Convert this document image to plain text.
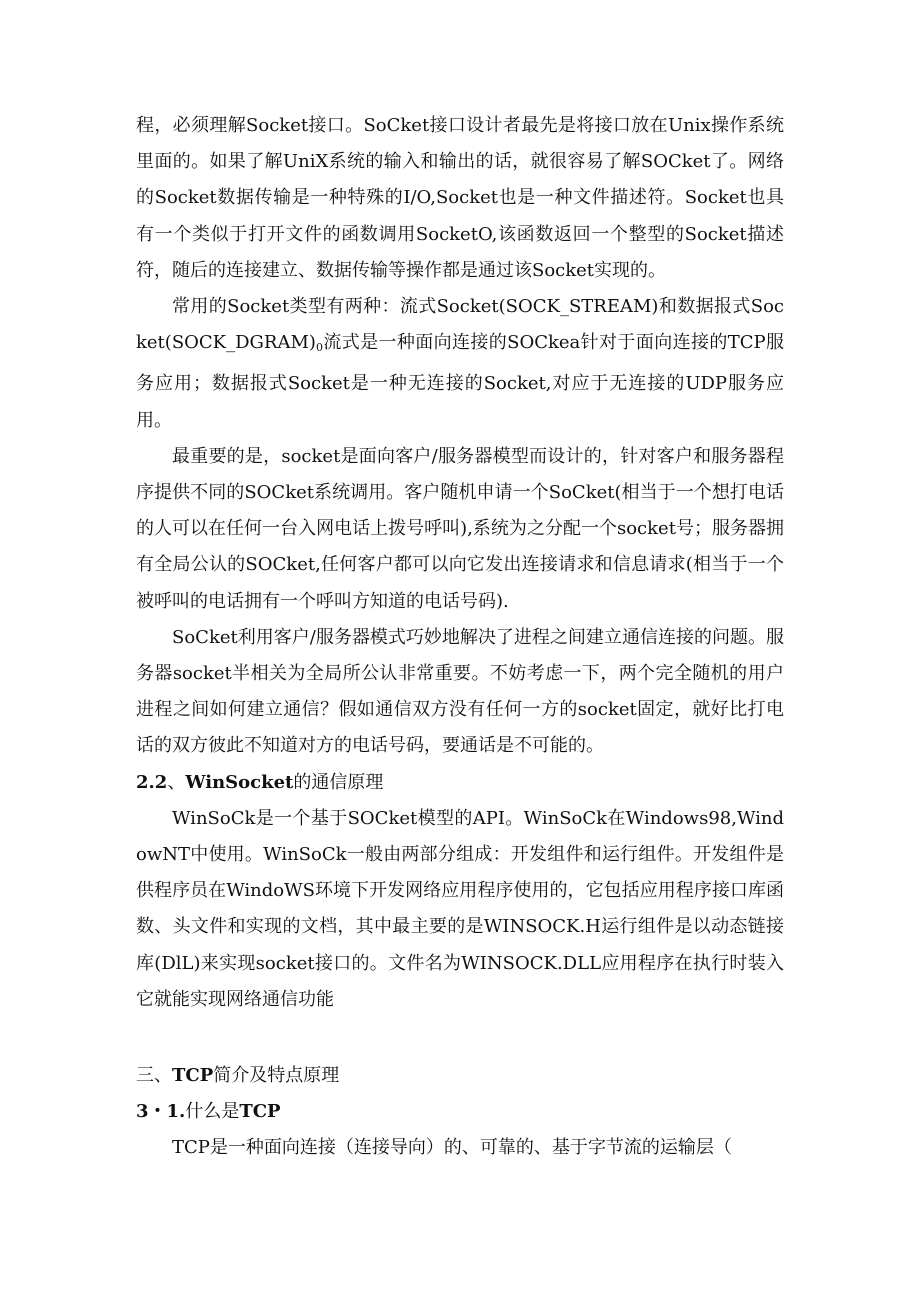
程，必须理解Socket接口。SoCket接口设计者最先是将接口放在Unix操作系统里面的。如果了解UniX系统的输入和输出的话，就很容易了解SOCket了。网络的Socket数据传输是一种特殊的I/O,Socket也是一种文件描述符。Socket也具有一个类似于打开文件的函数调用SocketO,该函数返回一个整型的Socket描述符，随后的连接建立、数据传输等操作都是通过该Socket实现的。

常用的Socket类型有两种：流式Socket(SOCK_STREAM)和数据报式$Socket(SOCK\_DGRAM)_0$流式是一种面向连接的SOCkea针对于面向连接的TCP服务应用；数据报式Socket是一种无连接的Socket,对应于无连接的UDP服务应用。

最重要的是，socket是面向客户/服务器模型而设计的，针对客户和服务器程序提供不同的SOCket系统调用。客户随机申请一个SoCket(相当于一个想打电话的人可以在任何一台入网电话上拨号呼叫),系统为之分配一个socket号；服务器拥有全局公认的SOCket,任何客户都可以向它发出连接请求和信息请求(相当于一个被呼叫的电话拥有一个呼叫方知道的电话号码).

SoCket利用客户/服务器模式巧妙地解决了进程之间建立通信连接的问题。服务器socket半相关为全局所公认非常重要。不妨考虑一下，两个完全随机的用户进程之间如何建立通信？假如通信双方没有任何一方的socket固定，就好比打电话的双方彼此不知道对方的电话号码，要通话是不可能的。

2.2、WinSocket的通信原理

WinSoCk是一个基于SOCket模型的API。WinSoCk在Windows98,WindowNT中使用。WinSoCk一般由两部分组成：开发组件和运行组件。开发组件是供程序员在WindoWS环境下开发网络应用程序使用的，它包括应用程序接口库函数、头文件和实现的文档，其中最主要的是WINSOCK.H运行组件是以动态链接库(DlL)来实现socket接口的。文件名为WINSOCK.DLL应用程序在执行时装入它就能实现网络通信功能

三、TCP简介及特点原理

3・1.什么是TCP

TCP是一种面向连接（连接导向）的、可靠的、基于字节流的运输层（
